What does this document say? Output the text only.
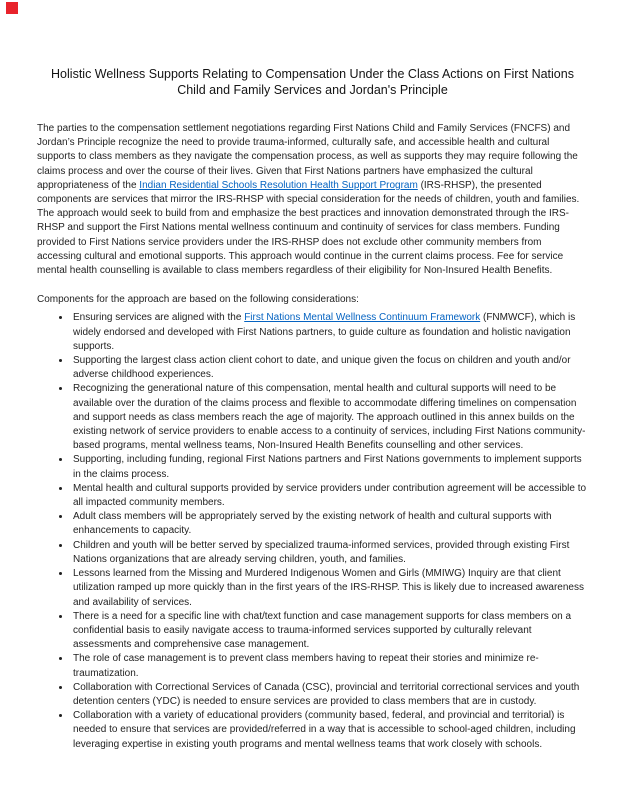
Holistic Wellness Supports Relating to Compensation Under the Class Actions on First Nations
Child and Family Services and Jordan's Principle

The parties to the compensation settlement negotiations regarding First Nations Child and Family Services (FNCFS) and Jordan’s Principle recognize the need to provide trauma-informed, culturally safe, and accessible health and cultural supports to class members as they navigate the compensation process, as well as supports they may require following the claims process and over the course of their lives. Given that First Nations partners have emphasized the cultural appropriateness of the Indian Residential Schools Resolution Health Support Program (IRS-RHSP), the presented components are services that mirror the IRS-RHSP with special consideration for the needs of children, youth and families. The approach would seek to build from and emphasize the best practices and innovation demonstrated through the IRS-RHSP and support the First Nations mental wellness continuum and continuity of services for class members. Funding provided to First Nations service providers under the IRS-RHSP does not exclude other community members from accessing cultural and emotional supports. This approach would continue in the current claims process. Fee for service mental health counselling is available to class members regardless of their eligibility for Non-Insured Health Benefits.

Components for the approach are based on the following considerations:

• Ensuring services are aligned with the First Nations Mental Wellness Continuum Framework (FNMWCF), which is widely endorsed and developed with First Nations partners, to guide culture as foundation and holistic navigation supports.
• Supporting the largest class action client cohort to date, and unique given the focus on children and youth and/or adverse childhood experiences.
• Recognizing the generational nature of this compensation, mental health and cultural supports will need to be available over the duration of the claims process and flexible to accommodate differing timelines on compensation and support needs as class members reach the age of majority. The approach outlined in this annex builds on the existing network of service providers to enable access to a continuity of services, including First Nations community-based programs, mental wellness teams, Non-Insured Health Benefits counselling and other services.
• Supporting, including funding, regional First Nations partners and First Nations governments to implement supports in the claims process.
• Mental health and cultural supports provided by service providers under contribution agreement will be accessible to all impacted community members.
• Adult class members will be appropriately served by the existing network of health and cultural supports with enhancements to capacity.
• Children and youth will be better served by specialized trauma-informed services, provided through existing First Nations organizations that are already serving children, youth, and families.
• Lessons learned from the Missing and Murdered Indigenous Women and Girls (MMIWG) Inquiry are that client utilization ramped up more quickly than in the first years of the IRS-RHSP. This is likely due to increased awareness and availability of services.
• There is a need for a specific line with chat/text function and case management supports for class members on a confidential basis to easily navigate access to trauma-informed services supported by culturally relevant assessments and comprehensive case management.
• The role of case management is to prevent class members having to repeat their stories and minimize re-traumatization.
• Collaboration with Correctional Services of Canada (CSC), provincial and territorial correctional services and youth detention centers (YDC) is needed to ensure services are provided to class members that are in custody.
• Collaboration with a variety of educational providers (community based, federal, and provincial and territorial) is needed to ensure that services are provided/referred in a way that is accessible to school-aged children, including leveraging expertise in existing youth programs and mental wellness teams that work closely with schools.
